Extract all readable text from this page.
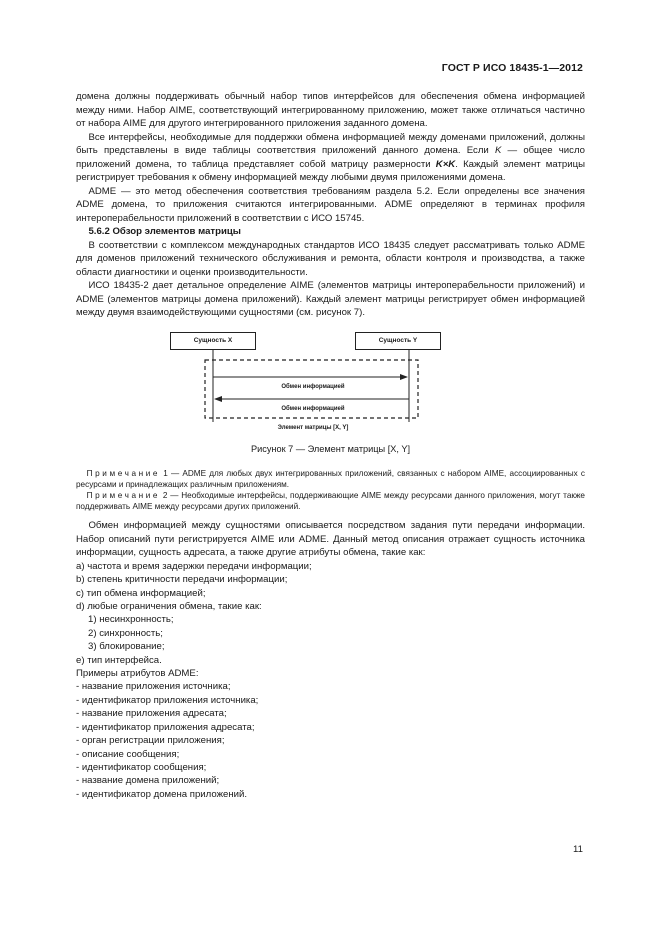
ГОСТ Р ИСО 18435-1—2012

домена должны поддерживать обычный набор типов интерфейсов для обеспечения обмена информацией между ними. Набор AIME, соответствующий интегрированному приложению, может также отличаться частично от набора AIME для другого интегрированного приложения заданного домена.

Все интерфейсы, необходимые для поддержки обмена информацией между доменами приложений, должны быть представлены в виде таблицы соответствия приложений данного домена. Если K — общее число приложений домена, то таблица представляет собой матрицу размерности K×K. Каждый элемент матрицы регистрирует требования к обмену информацией между любыми двумя приложениями домена.

ADME — это метод обеспечения соответствия требованиям раздела 5.2. Если определены все значения ADME домена, то приложения считаются интегрированными. ADME определяют в терминах профиля интероперабельности приложений в соответствии с ИСО 15745.

5.6.2 Обзор элементов матрицы

В соответствии с комплексом международных стандартов ИСО 18435 следует рассматривать только ADME для доменов приложений технического обслуживания и ремонта, области контроля и производства, а также области диагностики и оценки производительности.

ИСО 18435-2 дает детальное определение AIME (элементов матрицы интероперабельности приложений) и ADME (элементов матрицы домена приложений). Каждый элемент матрицы регистрирует обмен информацией между двумя взаимодействующими сущностями (см. рисунок 7).

Сущность X	Сущность Y
Обмен информацией
Обмен информацией
Элемент матрицы [X, Y]
Рисунок 7 — Элемент матрицы [X, Y]

Примечание 1 — ADME для любых двух интегрированных приложений, связанных с набором AIME, ассоциированных с ресурсами и принадлежащих различным приложениям.

Примечание 2 — Необходимые интерфейсы, поддерживающие AIME между ресурсами данного приложения, могут также поддерживать AIME между ресурсами других приложений.

Обмен информацией между сущностями описывается посредством задания пути передачи информации. Набор описаний пути регистрируется AIME или ADME. Данный метод описания отражает сущность источника информации, сущность адресата, а также другие атрибуты обмена, такие как:

a) частота и время задержки передачи информации;
b) степень критичности передачи информации;
c) тип обмена информацией;
d) любые ограничения обмена, такие как:
1) несинхронность;
2) синхронность;
3) блокирование;
e) тип интерфейса.
Примеры атрибутов ADME:
- название приложения источника;
- идентификатор приложения источника;
- название приложения адресата;
- идентификатор приложения адресата;
- орган регистрации приложения;
- описание сообщения;
- идентификатор сообщения;
- название домена приложений;
- идентификатор домена приложений.
11
